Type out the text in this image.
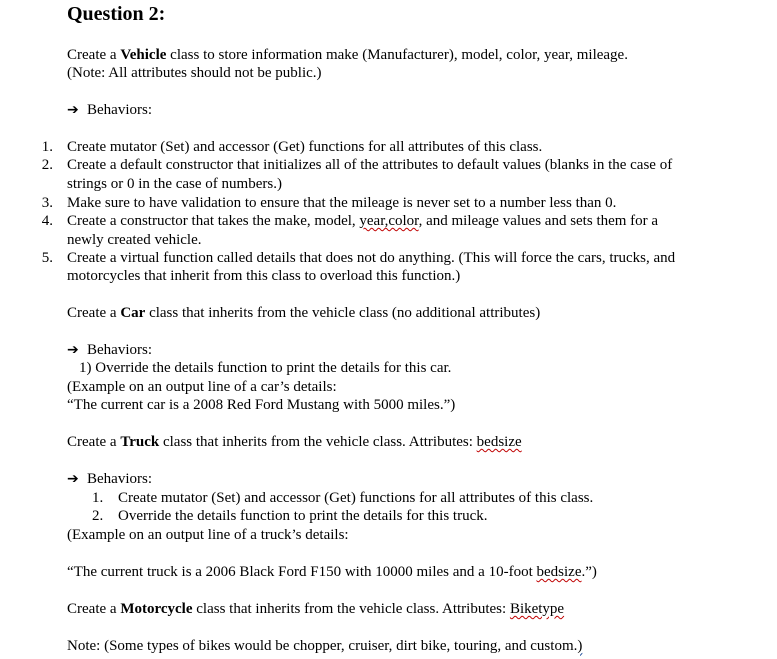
Question 2:
Create a Vehicle class to store information make (Manufacturer), model, color, year, mileage.
(Note: All attributes should not be public.)
➔ Behaviors:
1. Create mutator (Set) and accessor (Get) functions for all attributes of this class.
2. Create a default constructor that initializes all of the attributes to default values (blanks in the case of
strings or 0 in the case of numbers.)
3. Make sure to have validation to ensure that the mileage is never set to a number less than 0.
4. Create a constructor that takes the make, model, year,color, and mileage values and sets them for a
newly created vehicle.
5. Create a virtual function called details that does not do anything. (This will force the cars, trucks, and
motorcycles that inherit from this class to overload this function.)
Create a Car class that inherits from the vehicle class (no additional attributes)
➔ Behaviors:
1) Override the details function to print the details for this car.
(Example on an output line of a car’s details:
“The current car is a 2008 Red Ford Mustang with 5000 miles.”)
Create a Truck class that inherits from the vehicle class. Attributes: bedsize
➔ Behaviors:
1. Create mutator (Set) and accessor (Get) functions for all attributes of this class.
2. Override the details function to print the details for this truck.
(Example on an output line of a truck’s details:
“The current truck is a 2006 Black Ford F150 with 10000 miles and a 10-foot bedsize.”)
Create a Motorcycle class that inherits from the vehicle class. Attributes: Biketype
Note: (Some types of bikes would be chopper, cruiser, dirt bike, touring, and custom.)
